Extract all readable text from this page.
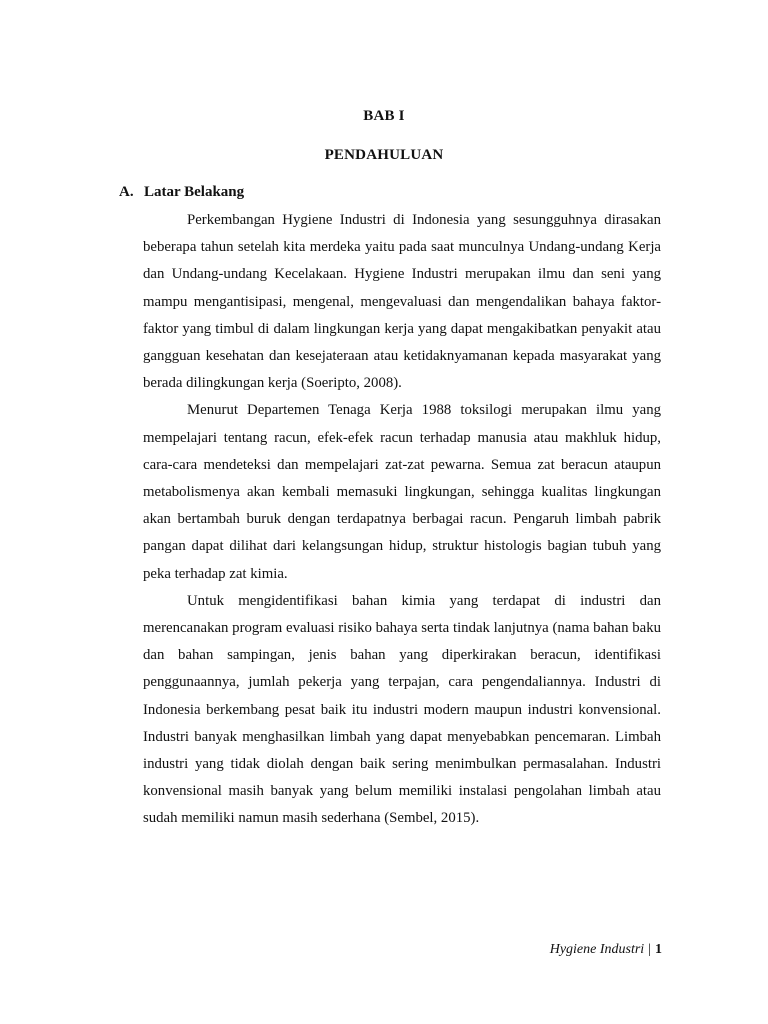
BAB I
PENDAHULUAN
A. Latar Belakang

Perkembangan Hygiene Industri di Indonesia yang sesungguhnya dirasakan beberapa tahun setelah kita merdeka yaitu pada saat munculnya Undang-undang Kerja dan Undang-undang Kecelakaan. Hygiene Industri merupakan ilmu dan seni yang mampu mengantisipasi, mengenal, mengevaluasi dan mengendalikan bahaya faktor-faktor yang timbul di dalam lingkungan kerja yang dapat mengakibatkan penyakit atau gangguan kesehatan dan kesejateraan atau ketidaknyamanan kepada masyarakat yang berada dilingkungan kerja (Soeripto, 2008).

Menurut Departemen Tenaga Kerja 1988 toksilogi merupakan ilmu yang mempelajari tentang racun, efek-efek racun terhadap manusia atau makhluk hidup, cara-cara mendeteksi dan mempelajari zat-zat pewarna. Semua zat beracun ataupun metabolismenya akan kembali memasuki lingkungan, sehingga kualitas lingkungan akan bertambah buruk dengan terdapatnya berbagai racun. Pengaruh limbah pabrik pangan dapat dilihat dari kelangsungan hidup, struktur histologis bagian tubuh yang peka terhadap zat kimia.

Untuk mengidentifikasi bahan kimia yang terdapat di industri dan merencanakan program evaluasi risiko bahaya serta tindak lanjutnya (nama bahan baku dan bahan sampingan, jenis bahan yang diperkirakan beracun, identifikasi penggunaannya, jumlah pekerja yang terpajan, cara pengendaliannya. Industri di Indonesia berkembang pesat baik itu industri modern maupun industri konvensional. Industri banyak menghasilkan limbah yang dapat menyebabkan pencemaran. Limbah industri yang tidak diolah dengan baik sering menimbulkan permasalahan. Industri konvensional masih banyak yang belum memiliki instalasi pengolahan limbah atau sudah memiliki namun masih sederhana (Sembel, 2015).

Hygiene Industri | 1
